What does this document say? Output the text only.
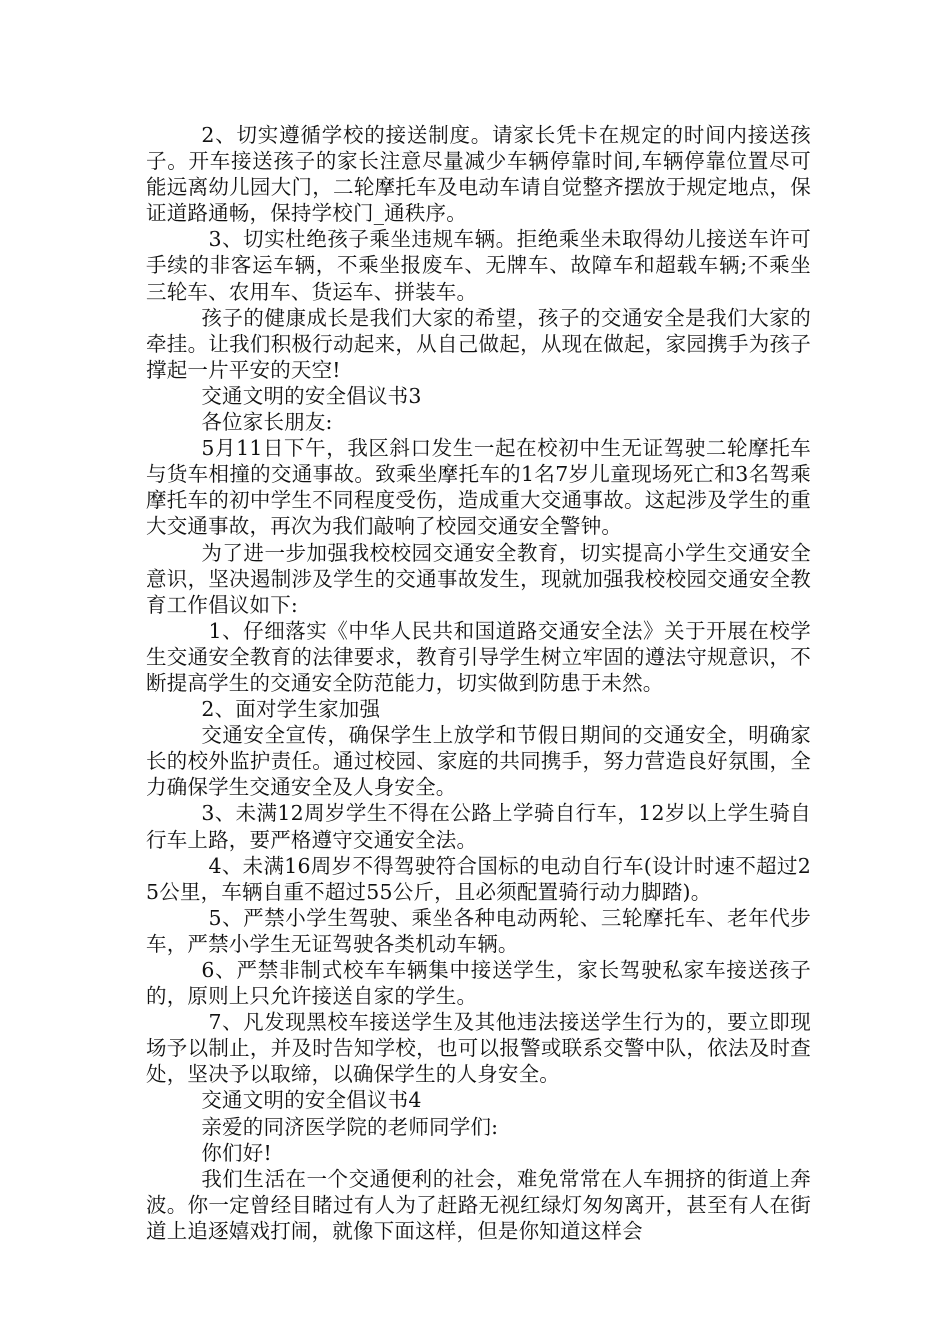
2、切实遵循学校的接送制度。请家长凭卡在规定的时间内接送孩子。开车接送孩子的家长注意尽量减少车辆停靠时间,车辆停靠位置尽可能远离幼儿园大门，二轮摩托车及电动车请自觉整齐摆放于规定地点，保证道路通畅，保持学校门_通秩序。

3、切实杜绝孩子乘坐违规车辆。拒绝乘坐未取得幼儿接送车许可手续的非客运车辆，不乘坐报废车、无牌车、故障车和超载车辆;不乘坐三轮车、农用车、货运车、拼装车。

孩子的健康成长是我们大家的希望，孩子的交通安全是我们大家的牵挂。让我们积极行动起来，从自己做起，从现在做起，家园携手为孩子撑起一片平安的天空!

交通文明的安全倡议书3

各位家长朋友:

5月11日下午，我区斜口发生一起在校初中生无证驾驶二轮摩托车与货车相撞的交通事故。致乘坐摩托车的1名7岁儿童现场死亡和3名驾乘摩托车的初中学生不同程度受伤，造成重大交通事故。这起涉及学生的重大交通事故，再次为我们敲响了校园交通安全警钟。

为了进一步加强我校校园交通安全教育，切实提高小学生交通安全意识，坚决遏制涉及学生的交通事故发生，现就加强我校校园交通安全教育工作倡议如下:

1、仔细落实《中华人民共和国道路交通安全法》关于开展在校学生交通安全教育的法律要求，教育引导学生树立牢固的遵法守规意识，不断提高学生的交通安全防范能力，切实做到防患于未然。

2、面对学生家加强

交通安全宣传，确保学生上放学和节假日期间的交通安全，明确家长的校外监护责任。通过校园、家庭的共同携手，努力营造良好氛围，全力确保学生交通安全及人身安全。

3、未满12周岁学生不得在公路上学骑自行车，12岁以上学生骑自行车上路，要严格遵守交通安全法。

4、未满16周岁不得驾驶符合国标的电动自行车(设计时速不超过25公里，车辆自重不超过55公斤，且必须配置骑行动力脚踏)。

5、严禁小学生驾驶、乘坐各种电动两轮、三轮摩托车、老年代步车，严禁小学生无证驾驶各类机动车辆。

6、严禁非制式校车车辆集中接送学生，家长驾驶私家车接送孩子的，原则上只允许接送自家的学生。

7、凡发现黑校车接送学生及其他违法接送学生行为的，要立即现场予以制止，并及时告知学校，也可以报警或联系交警中队，依法及时查处，坚决予以取缔，以确保学生的人身安全。

交通文明的安全倡议书4

亲爱的同济医学院的老师同学们:

你们好!

我们生活在一个交通便利的社会，难免常常在人车拥挤的街道上奔波。你一定曾经目睹过有人为了赶路无视红绿灯匆匆离开，甚至有人在街道上追逐嬉戏打闹，就像下面这样，但是你知道这样会
